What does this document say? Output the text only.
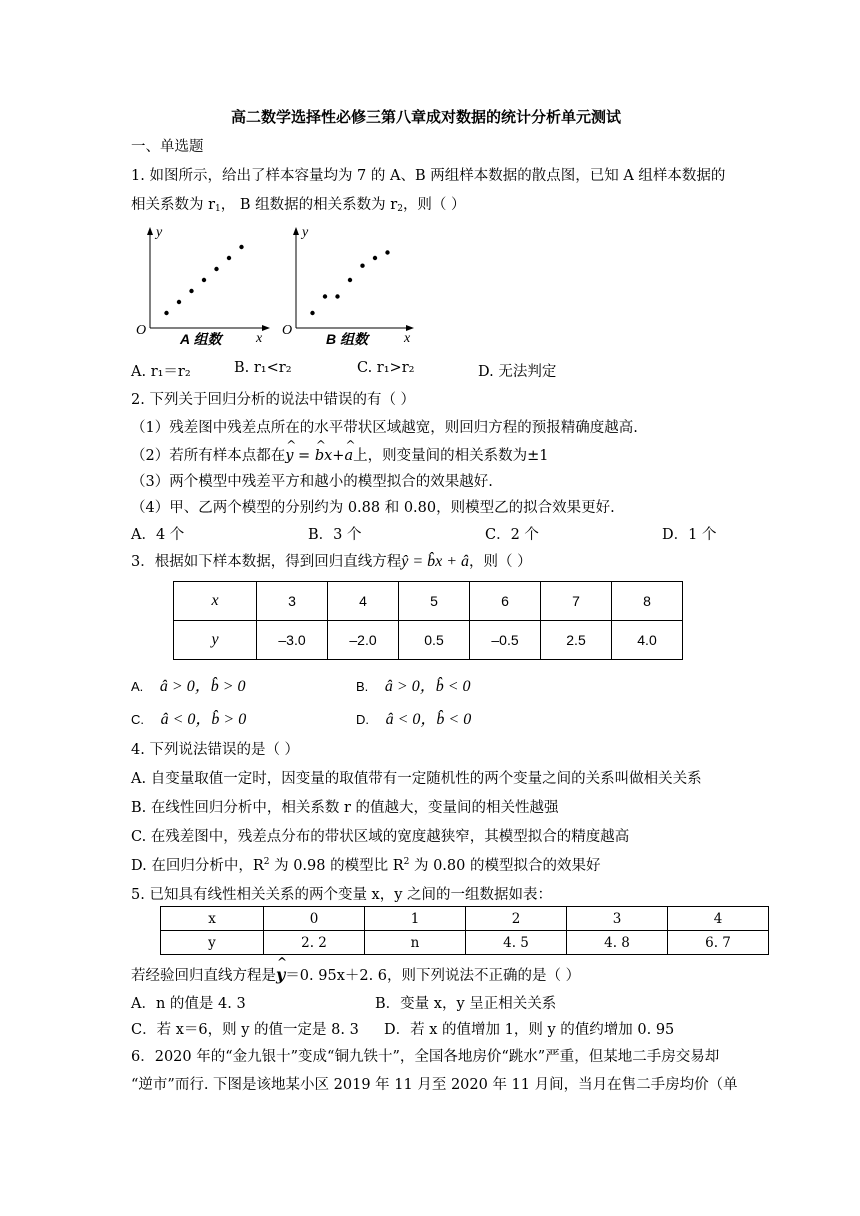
高二数学选择性必修三第八章成对数据的统计分析单元测试
一、单选题
1. 如图所示，给出了样本容量均为 7 的 A、B 两组样本数据的散点图，已知 A 组样本数据的
相关系数为 $r_1$， B 组数据的相关系数为 $r_2$，则（ ）
y
x
O
A 组数
y
x
O
B 组数
A. r₁＝r₂	B. r₁<r₂	C. r₁>r₂	D. 无法判定
2. 下列关于回归分析的说法中错误的有（ ）
（1）残差图中残差点所在的水平带状区域越宽，则回归方程的预报精确度越高.
（2）若所有样本点都在^ y = ^ bx+^ a上，则变量间的相关系数为±1
（3）两个模型中残差平方和越小的模型拟合的效果越好.
（4）甲、乙两个模型的分别约为 0.88 和 0.80，则模型乙的拟合效果更好.
A．4 个	B．3 个	C．2 个	D．1 个
3．根据如下样本数据，得到回归直线方程ŷ = b̂x + â，则（ ）
x	3	4	5	6	7	8
y	–3.0	–2.0	0.5	–0.5	2.5	4.0
A. â > 0，b̂ > 0	B. â > 0，b̂ < 0
C. â < 0，b̂ > 0	D. â < 0，b̂ < 0
4. 下列说法错误的是（ ）
A. 自变量取值一定时，因变量的取值带有一定随机性的两个变量之间的关系叫做相关关系
B. 在线性回归分析中，相关系数 r 的值越大，变量间的相关性越强
C. 在残差图中，残差点分布的带状区域的宽度越狭窄，其模型拟合的精度越高
D. 在回归分析中，$R^2$ 为 0.98 的模型比 $R^2$ 为 0.80 的模型拟合的效果好
5. 已知具有线性相关关系的两个变量 x，y 之间的一组数据如表：
x	0	1	2	3	4
y	2. 2	n	4. 5	4. 8	6. 7
若经验回归直线方程是^ y＝0. 95x＋2. 6，则下列说法不正确的是（ ）
A．n 的值是 4. 3	B．变量 x，y 呈正相关关系
C．若 x＝6，则 y 的值一定是 8. 3 D．若 x 的值增加 1，则 y 的值约增加 0. 95
6．2020 年的“金九银十”变成“铜九铁十”，全国各地房价“跳水”严重，但某地二手房交易却
“逆市”而行. 下图是该地某小区 2019 年 11 月至 2020 年 11 月间，当月在售二手房均价（单
